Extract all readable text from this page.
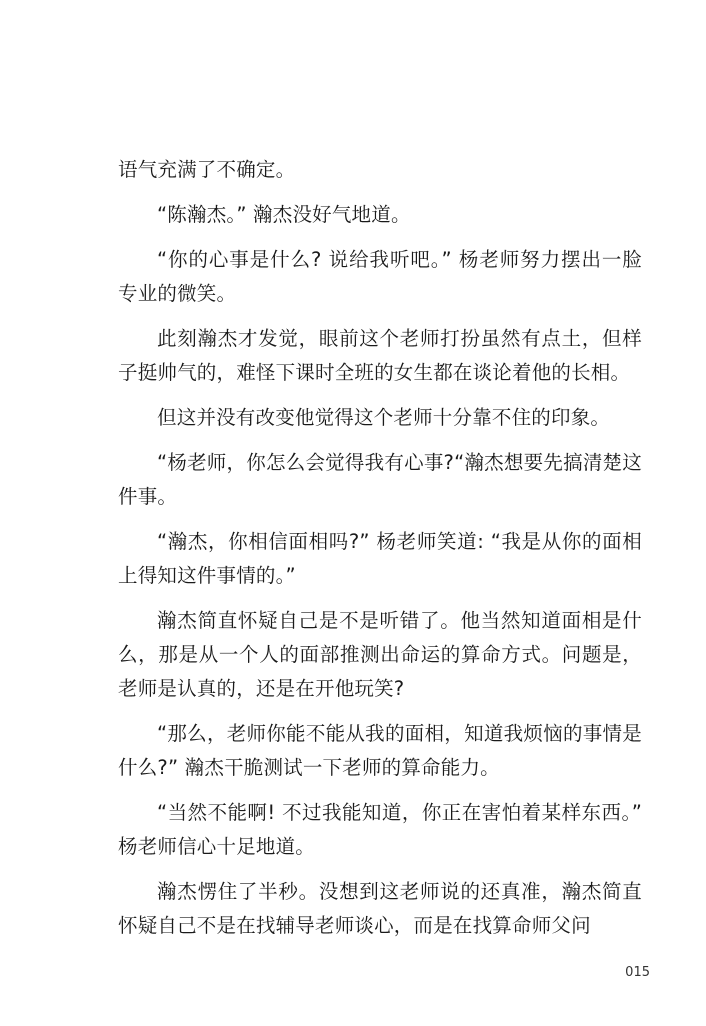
语气充满了不确定。

“陈瀚杰。” 瀚杰没好气地道。

“你的心事是什么? 说给我听吧。” 杨老师努力摆出一脸专业的微笑。

此刻瀚杰才发觉，眼前这个老师打扮虽然有点土，但样子挺帅气的，难怪下课时全班的女生都在谈论着他的长相。

但这并没有改变他觉得这个老师十分靠不住的印象。

“杨老师，你怎么会觉得我有心事?“瀚杰想要先搞清楚这件事。

“瀚杰，你相信面相吗?” 杨老师笑道: “我是从你的面相上得知这件事情的。”

瀚杰简直怀疑自己是不是听错了。他当然知道面相是什么，那是从一个人的面部推测出命运的算命方式。问题是，老师是认真的，还是在开他玩笑?

“那么，老师你能不能从我的面相，知道我烦恼的事情是什么?” 瀚杰干脆测试一下老师的算命能力。

“当然不能啊! 不过我能知道，你正在害怕着某样东西。” 杨老师信心十足地道。

瀚杰愣住了半秒。没想到这老师说的还真准，瀚杰简直怀疑自己不是在找辅导老师谈心，而是在找算命师父问

015
